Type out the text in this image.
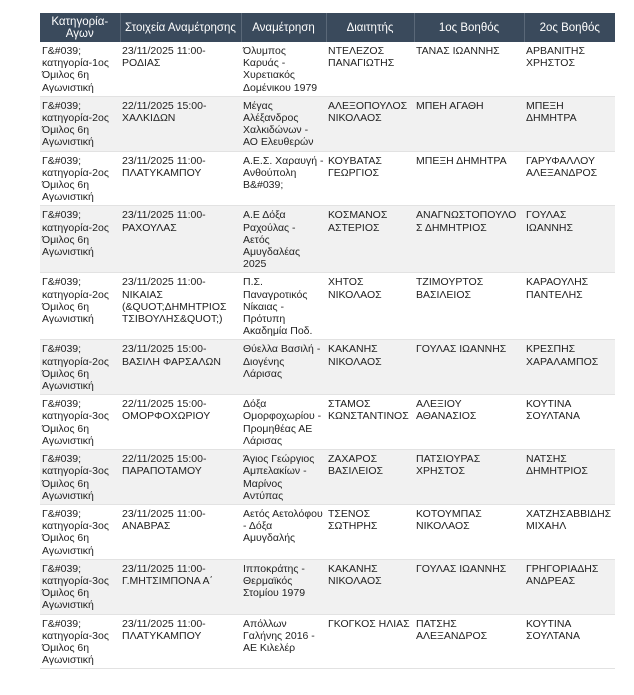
Κατηγορία-Αγων	Στοιχεία Αναμέτρησης	Αναμέτρηση	Διαιτητής	1ος Βοηθός	2ος Βοηθός
Γ&#039; κατηγορία-1ος Όμιλος 6η Αγωνιστική	23/11/2025 11:00- ΡΟΔΙΑΣ	Όλυμπος Καρυάς - Χυρετιακός Δομένικου 1979	ΝΤΕΛΕΖΟΣ ΠΑΝΑΓΙΩΤΗΣ	ΤΑΝΑΣ ΙΩΑΝΝΗΣ	ΑΡΒΑΝΙΤΗΣ ΧΡΗΣΤΟΣ
Γ&#039; κατηγορία-2ος Όμιλος 6η Αγωνιστική	22/11/2025 15:00- ΧΑΛΚΙΔΩΝ	Μέγας Αλέξανδρος Χαλκιδώνων - ΑΟ Ελευθερών	ΑΛΕΞΟΠΟΥΛΟΣ ΝΙΚΟΛΑΟΣ	ΜΠΕΗ ΑΓΑΘΗ	ΜΠΕΞΗ ΔΗΜΗΤΡΑ
Γ&#039; κατηγορία-2ος Όμιλος 6η Αγωνιστική	23/11/2025 11:00- ΠΛΑΤΥΚΑΜΠΟΥ	Α.Ε.Σ. Χαραυγή - Ανθούπολη Β&#039;	ΚΟΥΒΑΤΑΣ ΓΕΩΡΓΙΟΣ	ΜΠΕΞΗ ΔΗΜΗΤΡΑ	ΓΑΡΥΦΑΛΛΟΥ ΑΛΕΞΑΝΔΡΟΣ
Γ&#039; κατηγορία-2ος Όμιλος 6η Αγωνιστική	23/11/2025 11:00- ΡΑΧΟΥΛΑΣ	Α.Ε Δόξα Ραχούλας - Αετός Αμυγδαλέας 2025	ΚΟΣΜΑΝΟΣ ΑΣΤΕΡΙΟΣ	ΑΝΑΓΝΩΣΤΟΠΟΥΛΟΣ ΔΗΜΗΤΡΙΟΣ	ΓΟΥΛΑΣ ΙΩΑΝΝΗΣ
Γ&#039; κατηγορία-2ος Όμιλος 6η Αγωνιστική	23/11/2025 11:00- ΝΙΚΑΙΑΣ (&QUOT;ΔΗΜΗΤΡΙΟΣ ΤΣΙΒΟΥΛΗΣ&QUOT;)	Π.Σ. Παναγροτικός Νίκαιας - Πρότυπη Ακαδημία Ποδ.	ΧΗΤΟΣ ΝΙΚΟΛΑΟΣ	ΤΖΙΜΟΥΡΤΟΣ ΒΑΣΙΛΕΙΟΣ	ΚΑΡΑΟΥΛΗΣ ΠΑΝΤΕΛΗΣ
Γ&#039; κατηγορία-2ος Όμιλος 6η Αγωνιστική	23/11/2025 15:00- ΒΑΣΙΛΗ ΦΑΡΣΑΛΩΝ	Θύελλα Βασιλή - Διογένης Λάρισας	ΚΑΚΑΝΗΣ ΝΙΚΟΛΑΟΣ	ΓΟΥΛΑΣ ΙΩΑΝΝΗΣ	ΚΡΕΣΠΗΣ ΧΑΡΑΛΑΜΠΟΣ
Γ&#039; κατηγορία-3ος Όμιλος 6η Αγωνιστική	22/11/2025 15:00- ΟΜΟΡΦΟΧΩΡΙΟΥ	Δόξα Ομορφοχωρίου - Προμηθέας ΑΕ Λάρισας	ΣΤΑΜΟΣ ΚΩΝΣΤΑΝΤΙΝΟΣ	ΑΛΕΞΙΟΥ ΑΘΑΝΑΣΙΟΣ	ΚΟΥΤΙΝΑ ΣΟΥΛΤΑΝΑ
Γ&#039; κατηγορία-3ος Όμιλος 6η Αγωνιστική	22/11/2025 15:00- ΠΑΡΑΠΟΤΑΜΟΥ	Άγιος Γεώργιος Αμπελακίων - Μαρίνος Αντύπας	ΖΑΧΑΡΟΣ ΒΑΣΙΛΕΙΟΣ	ΠΑΤΣΙΟΥΡΑΣ ΧΡΗΣΤΟΣ	ΝΑΤΣΗΣ ΔΗΜΗΤΡΙΟΣ
Γ&#039; κατηγορία-3ος Όμιλος 6η Αγωνιστική	23/11/2025 11:00- ΑΝΑΒΡΑΣ	Αετός Αετολόφου - Δόξα Αμυγδαλής	ΤΣΕΝΟΣ ΣΩΤΗΡΗΣ	ΚΟΤΟΥΜΠΑΣ ΝΙΚΟΛΑΟΣ	ΧΑΤΖΗΣΑΒΒΙΔΗΣ ΜΙΧΑΗΛ
Γ&#039; κατηγορία-3ος Όμιλος 6η Αγωνιστική	23/11/2025 11:00- Γ.ΜΗΤΣΙΜΠΟΝΑ Α΄	Ιπποκράτης - Θερμαϊκός Στομίου 1979	ΚΑΚΑΝΗΣ ΝΙΚΟΛΑΟΣ	ΓΟΥΛΑΣ ΙΩΑΝΝΗΣ	ΓΡΗΓΟΡΙΑΔΗΣ ΑΝΔΡΕΑΣ
Γ&#039; κατηγορία-3ος Όμιλος 6η Αγωνιστική	23/11/2025 11:00- ΠΛΑΤΥΚΑΜΠΟΥ	Απόλλων Γαλήνης 2016 - ΑΕ Κιλελέρ	ΓΚΟΓΚΟΣ ΗΛΙΑΣ	ΠΑΤΣΗΣ ΑΛΕΞΑΝΔΡΟΣ	ΚΟΥΤΙΝΑ ΣΟΥΛΤΑΝΑ
